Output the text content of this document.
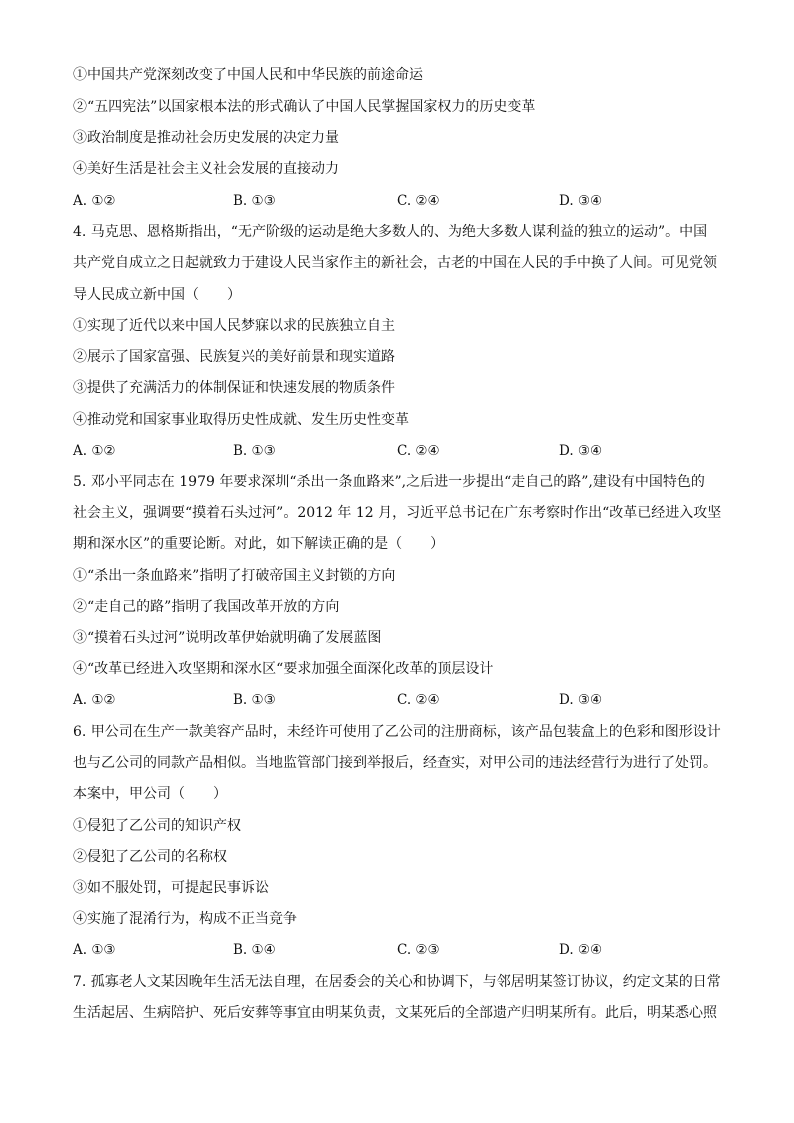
①中国共产党深刻改变了中国人民和中华民族的前途命运
②“五四宪法”以国家根本法的形式确认了中国人民掌握国家权力的历史变革
③政治制度是推动社会历史发展的决定力量
④美好生活是社会主义社会发展的直接动力
A. ①②	B. ①③	C. ②④	D. ③④
4. 马克思、恩格斯指出，“无产阶级的运动是绝大多数人的、为绝大多数人谋利益的独立的运动”。中国
共产党自成立之日起就致力于建设人民当家作主的新社会，古老的中国在人民的手中换了人间。可见党领
导人民成立新中国（　　）
①实现了近代以来中国人民梦寐以求的民族独立自主
②展示了国家富强、民族复兴的美好前景和现实道路
③提供了充满活力的体制保证和快速发展的物质条件
④推动党和国家事业取得历史性成就、发生历史性变革
A. ①②	B. ①③	C. ②④	D. ③④
5. 邓小平同志在 1979 年要求深圳“杀出一条血路来”,之后进一步提出“走自己的路”,建设有中国特色的
社会主义，强调要“摸着石头过河”。2012 年 12 月，习近平总书记在广东考察时作出“改革已经进入攻坚
期和深水区”的重要论断。对此，如下解读正确的是（　　）
①“杀出一条血路来”指明了打破帝国主义封锁的方向
②“走自己的路”指明了我国改革开放的方向
③“摸着石头过河”说明改革伊始就明确了发展蓝图
④“改革已经进入攻坚期和深水区“要求加强全面深化改革的顶层设计
A. ①②	B. ①③	C. ②④	D. ③④
6. 甲公司在生产一款美容产品时，未经许可使用了乙公司的注册商标，该产品包装盒上的色彩和图形设计
也与乙公司的同款产品相似。当地监管部门接到举报后，经查实，对甲公司的违法经营行为进行了处罚。
本案中，甲公司（　　）
①侵犯了乙公司的知识产权
②侵犯了乙公司的名称权
③如不服处罚，可提起民事诉讼
④实施了混淆行为，构成不正当竞争
A. ①③	B. ①④	C. ②③	D. ②④
7. 孤寡老人文某因晚年生活无法自理，在居委会的关心和协调下，与邻居明某签订协议，约定文某的日常
生活起居、生病陪护、死后安葬等事宜由明某负责，文某死后的全部遗产归明某所有。此后，明某悉心照
